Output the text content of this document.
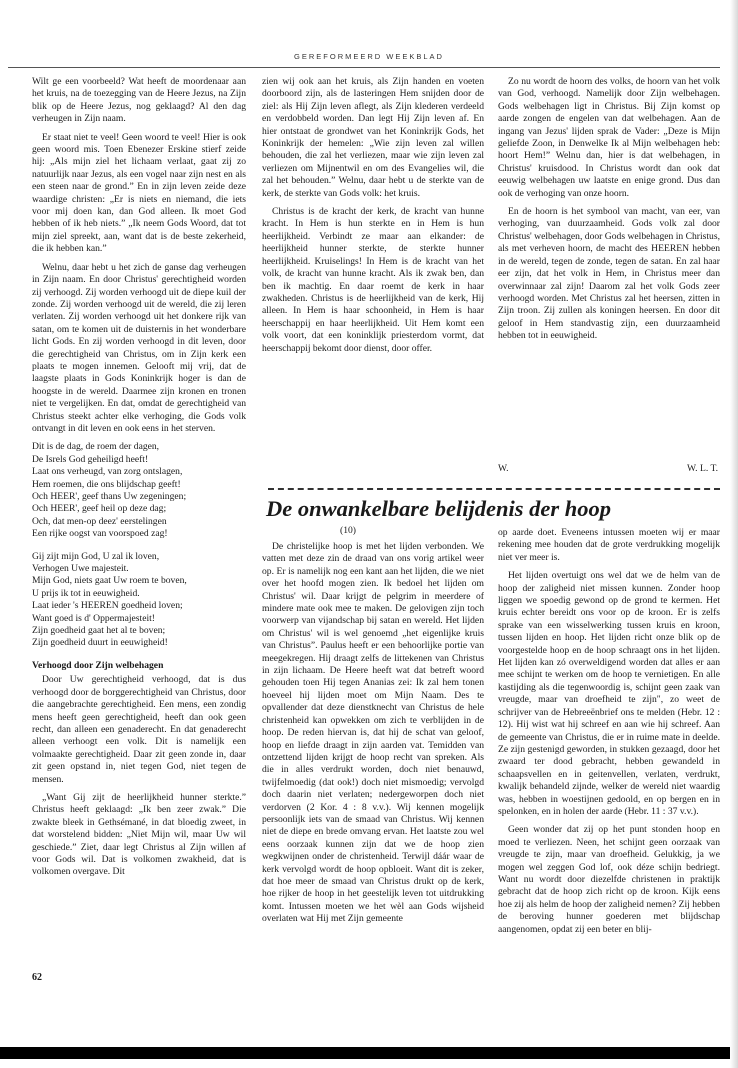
GEREFORMEERD WEEKBLAD

Wilt ge een voorbeeld? Wat heeft de moordenaar aan het kruis, na de toezegging van de Heere Jezus, na Zijn blik op de Heere Jezus, nog geklaagd? Al den dag verheugen in Zijn naam.

Er staat niet te veel! Geen woord te veel! Hier is ook geen woord mis. Toen Ebenezer Erskine stierf zeide hij: „Als mijn ziel het lichaam verlaat, gaat zij zo natuurlijk naar Jezus, als een vogel naar zijn nest en als een steen naar de grond.” En in zijn leven zeide deze waardige christen: „Er is niets en niemand, die iets voor mij doen kan, dan God alleen. Ik moet God hebben of ik heb niets.” „Ik neem Gods Woord, dat tot mijn ziel spreekt, aan, want dat is de beste zekerheid, die ik hebben kan.”

Welnu, daar hebt u het zich de ganse dag verheugen in Zijn naam. En door Christus' gerechtigheid worden zij verhoogd. Zij worden verhoogd uit de diepe kuil der zonde. Zij worden verhoogd uit de wereld, die zij leren verlaten. Zij worden verhoogd uit het donkere rijk van satan, om te komen uit de duisternis in het wonderbare licht Gods. En zij worden verhoogd in dit leven, door die gerechtigheid van Christus, om in Zijn kerk een plaats te mogen innemen. Gelooft mij vrij, dat de laagste plaats in Gods Koninkrijk hoger is dan de hoogste in de wereld. Daarmee zijn kronen en tronen niet te vergelijken. En dat, omdat de gerechtigheid van Christus steekt achter elke verhoging, die Gods volk ontvangt in dit leven en ook eens in het sterven.

Dit is de dag, de roem der dagen,
De Isrels God geheiligd heeft!
Laat ons verheugd, van zorg ontslagen,
Hem roemen, die ons blijdschap geeft!
Och HEER', geef thans Uw zegeningen;
Och HEER', geef heil op deze dag;
Och, dat men-op deez' eerstelingen
Een rijke oogst van voorspoed zag!
Gij zijt mijn God, U zal ik loven,
Verhogen Uwe majesteit.
Mijn God, niets gaat Uw roem te boven,
U prijs ik tot in eeuwigheid.
Laat ieder 's HEEREN goedheid loven;
Want goed is d' Oppermajesteit!
Zijn goedheid gaat het al te boven;
Zijn goedheid duurt in eeuwigheid!
Verhoogd door Zijn welbehagen

Door Uw gerechtigheid verhoogd, dat is dus verhoogd door de borggerechtigheid van Christus, door die aangebrachte gerechtigheid. Een mens, een zondig mens heeft geen gerechtigheid, heeft dan ook geen recht, dan alleen een genaderecht. En dat genaderecht alleen verhoogt een volk. Dit is namelijk een volmaakte gerechtigheid. Daar zit geen zonde in, daar zit geen opstand in, niet tegen God, niet tegen de mensen.

„Want Gij zijt de heerlijkheid hunner sterkte.” Christus heeft geklaagd: „Ik ben zeer zwak.” Die zwakte bleek in Gethsémané, in dat bloedig zweet, in dat worstelend bidden: „Niet Mijn wil, maar Uw wil geschiede.” Ziet, daar legt Christus al Zijn willen af voor Gods wil. Dat is volkomen zwakheid, dat is volkomen overgave. Dit

zien wij ook aan het kruis, als Zijn handen en voeten doorboord zijn, als de lasteringen Hem snijden door de ziel: als Hij Zijn leven aflegt, als Zijn klederen verdeeld en verdobbeld worden. Dan legt Hij Zijn leven af. En hier ontstaat de grondwet van het Koninkrijk Gods, het Koninkrijk der hemelen: „Wie zijn leven zal willen behouden, die zal het verliezen, maar wie zijn leven zal verliezen om Mijnentwil en om des Evangelies wil, die zal het behouden.” Welnu, daar hebt u de sterkte van de kerk, de sterkte van Gods volk: het kruis.

Christus is de kracht der kerk, de kracht van hunne kracht. In Hem is hun sterkte en in Hem is hun heerlijkheid. Verbindt ze maar aan elkander: de heerlijkheid hunner sterkte, de sterkte hunner heerlijkheid. Kruiselings! In Hem is de kracht van het volk, de kracht van hunne kracht. Als ik zwak ben, dan ben ik machtig. En daar roemt de kerk in haar zwakheden. Christus is de heerlijkheid van de kerk, Hij alleen. In Hem is haar schoonheid, in Hem is haar heerschappij en haar heerlijkheid. Uit Hem komt een volk voort, dat een koninklijk priesterdom vormt, dat heerschappij bekomt door dienst, door offer.

Zo nu wordt de hoorn des volks, de hoorn van het volk van God, verhoogd. Namelijk door Zijn welbehagen. Gods welbehagen ligt in Christus. Bij Zijn komst op aarde zongen de engelen van dat welbehagen. Aan de ingang van Jezus' lijden sprak de Vader: „Deze is Mijn geliefde Zoon, in Denwelke Ik al Mijn welbehagen heb: hoort Hem!” Welnu dan, hier is dat welbehagen, in Christus' kruisdood. In Christus wordt dan ook dat eeuwig welbehagen uw laatste en enige grond. Dus dan ook de verhoging van onze hoorn.

En de hoorn is het symbool van macht, van eer, van verhoging, van duurzaamheid. Gods volk zal door Christus' welbehagen, door Gods welbehagen in Christus, als met verheven hoorn, de macht des HEEREN hebben in de wereld, tegen de zonde, tegen de satan. En zal haar eer zijn, dat het volk in Hem, in Christus meer dan overwinnaar zal zijn! Daarom zal het volk Gods zeer verhoogd worden. Met Christus zal het heersen, zitten in Zijn troon. Zij zullen als koningen heersen. En door dit geloof in Hem standvastig zijn, een duurzaamheid hebben tot in eeuwigheid.

W.	W. L. T.
De onwankelbare belijdenis der hoop
(10)

De christelijke hoop is met het lijden verbonden. We vatten met deze zin de draad van ons vorig artikel weer op. Er is namelijk nog een kant aan het lijden, die we niet over het hoofd mogen zien. Ik bedoel het lijden om Christus' wil. Daar krijgt de pelgrim in meerdere of mindere mate ook mee te maken. De gelovigen zijn toch voorwerp van vijandschap bij satan en wereld. Het lijden om Christus' wil is wel genoemd „het eigenlijke kruis van Christus”. Paulus heeft er een behoorlijke portie van meegekregen. Hij draagt zelfs de littekenen van Christus in zijn lichaam. De Heere heeft wat dat betreft woord gehouden toen Hij tegen Ananias zei: Ik zal hem tonen hoeveel hij lijden moet om Mijn Naam. Des te opvallender dat deze dienstknecht van Christus de hele christenheid kan opwekken om zich te verblijden in de hoop. De reden hiervan is, dat hij de schat van geloof, hoop en liefde draagt in zijn aarden vat. Temidden van ontzettend lijden krijgt de hoop recht van spreken. Als die in alles verdrukt worden, doch niet benauwd, twijfelmoedig (dat ook!) doch niet mismoedig; vervolgd doch daarin niet verlaten; nedergeworpen doch niet verdorven (2 Kor. 4 : 8 v.v.). Wij kennen mogelijk persoonlijk iets van de smaad van Christus. Wij kennen niet de diepe en brede omvang ervan. Het laatste zou wel eens oorzaak kunnen zijn dat we de hoop zien wegkwijnen onder de christenheid. Terwijl dáár waar de kerk vervolgd wordt de hoop opbloeit. Want dit is zeker, dat hoe meer de smaad van Christus drukt op de kerk, hoe rijker de hoop in het geestelijk leven tot uitdrukking komt. Intussen moeten we het wèl aan Gods wijsheid overlaten wat Hij met Zijn gemeente

op aarde doet. Eveneens intussen moeten wij er maar rekening mee houden dat de grote verdrukking mogelijk niet ver meer is.

Het lijden overtuigt ons wel dat we de helm van de hoop der zaligheid niet missen kunnen. Zonder hoop liggen we spoedig gewond op de grond te kermen. Het kruis echter bereidt ons voor op de kroon. Er is zelfs sprake van een wisselwerking tussen kruis en kroon, tussen lijden en hoop. Het lijden richt onze blik op de voorgestelde hoop en de hoop schraagt ons in het lijden. Het lijden kan zó overweldigend worden dat alles er aan mee schijnt te werken om de hoop te vernietigen. En alle kastijding als die tegenwoordig is, schijnt geen zaak van vreugde, maar van droefheid te zijn", zo weet de schrijver van de Hebreeënbrief ons te melden (Hebr. 12 : 12). Hij wist wat hij schreef en aan wie hij schreef. Aan de gemeente van Christus, die er in ruime mate in deelde. Ze zijn gestenigd geworden, in stukken gezaagd, door het zwaard ter dood gebracht, hebben gewandeld in schaapsvellen en in geitenvellen, verlaten, verdrukt, kwalijk behandeld zijnde, welker de wereld niet waardig was, hebben in woestijnen gedoold, en op bergen en in spelonken, en in holen der aarde (Hebr. 11 : 37 v.v.).

Geen wonder dat zij op het punt stonden hoop en moed te verliezen. Neen, het schijnt geen oorzaak van vreugde te zijn, maar van droefheid. Gelukkig, ja we mogen wel zeggen God lof, ook déze schijn bedriegt. Want nu wordt door diezelfde christenen in praktijk gebracht dat de hoop zich richt op de kroon. Kijk eens hoe zij als helm de hoop der zaligheid nemen? Zij hebben de beroving hunner goederen met blijdschap aangenomen, opdat zij een beter en blij-

62
